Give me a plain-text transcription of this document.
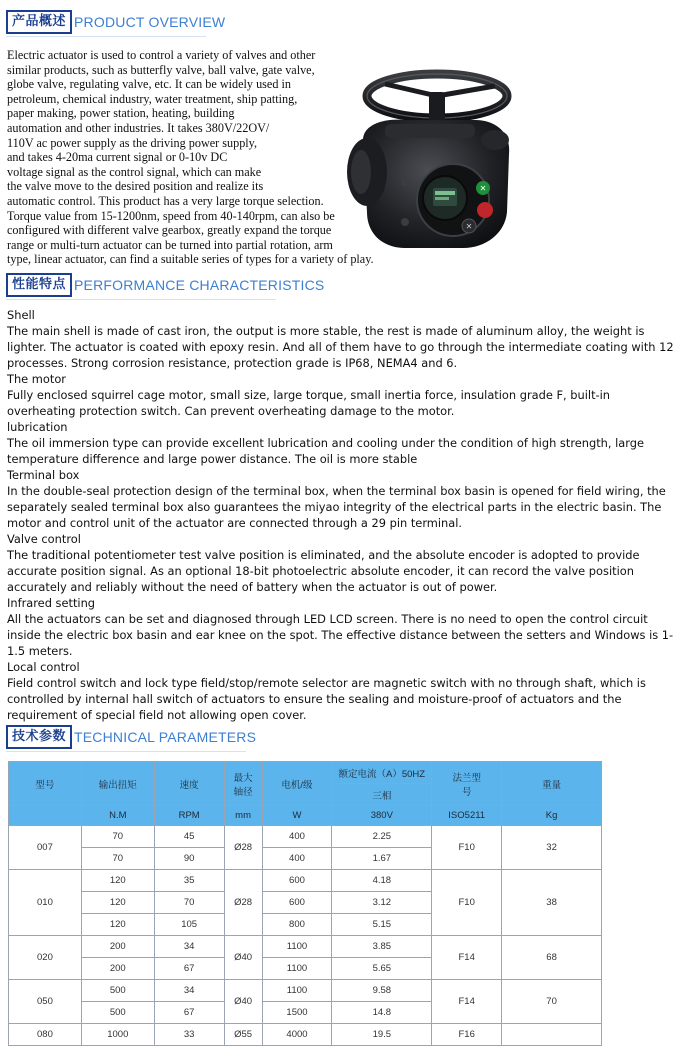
产品概述 PRODUCT OVERVIEW

Electric actuator is used to control a variety of valves and other

similar products, such as butterfly valve, ball valve, gate valve,

globe valve, regulating valve, etc. It can be widely used in

petroleum, chemical industry, water treatment, ship patting,

paper making, power station, heating, building

automation and other industries. It takes 380V/22OV/

110V ac power supply as the driving power supply,

and takes 4-20ma current signal or 0-10v DC

voltage signal as the control signal, which can make

the valve move to the desired position and realize its

automatic control. This product has a very large torque selection.

Torque value from 15-1200nm, speed from 40-140rpm, can also be

configured with different valve gearbox, greatly expand the torque

range or multi-turn actuator can be turned into partial rotation, arm

type, linear actuator, can find a suitable series of types for a variety of play.

✕
✕
性能特点 PERFORMANCE CHARACTERISTICS
Shell
The main shell is made of cast iron, the output is more stable, the rest is made of aluminum alloy, the weight is lighter. The actuator is coated with epoxy resin. And all of them have to go through the intermediate coating with 12 processes. Strong corrosion resistance, protection grade is IP68, NEMA4 and 6.
The motor
Fully enclosed squirrel cage motor, small size, large torque, small inertia force, insulation grade F, built-in overheating protection switch. Can prevent overheating damage to the motor.
lubrication
The oil immersion type can provide excellent lubrication and cooling under the condition of high strength, large temperature difference and large power distance. The oil is more stable
Terminal box
In the double-seal protection design of the terminal box, when the terminal box basin is opened for field wiring, the separately sealed terminal box also guarantees the miyao integrity of the electrical parts in the electric basin. The motor and control unit of the actuator are connected through a 29 pin terminal.
Valve control
The traditional potentiometer test valve position is eliminated, and the absolute encoder is adopted to provide accurate position signal. As an optional 18-bit photoelectric absolute encoder, it can record the valve position accurately and reliably without the need of battery when the actuator is out of power.
Infrared setting
All the actuators can be set and diagnosed through LED LCD screen. There is no need to open the control circuit inside the electric box basin and ear knee on the spot. The effective distance between the setters and Windows is 1-1.5 meters.
Local control
Field control switch and lock type field/stop/remote selector are magnetic switch with no through shaft, which is controlled by internal hall switch of actuators to ensure the sealing and moisture-proof of actuators and the requirement of special field not allowing open cover.
技术参数 TECHNICAL PARAMETERS
型号	输出扭矩	速度	最大轴径	电机/级	额定电流（A）50HZ	法兰型号	重量
					三相		
	N.M	RPM	mm	W	380V	ISO5211	Kg
007	70	45	Ø28	400	2.25	F10	32
	70	90		400	1.67		
010	120	35	Ø28	600	4.18	F10	38
	120	70		600	3.12		
	120	105		800	5.15		
020	200	34	Ø40	1100	3.85	F14	68
	200	67		1100	5.65		
050	500	34	Ø40	1100	9.58	F14	70
	500	67		1500	14.8		
080	1000	33	Ø55	4000	19.5	F16	
